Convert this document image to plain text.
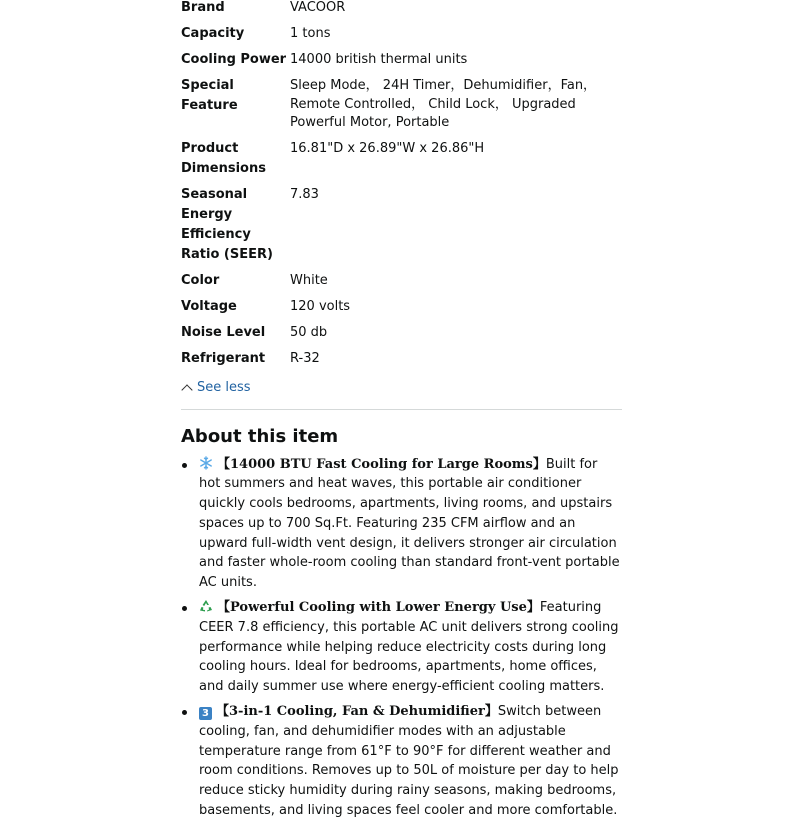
Brand	VACOOR
Capacity	1 tons
Cooling Power	14000 british thermal units
Special Feature	Sleep Mode， 24H Timer，Dehumidifier，Fan，Remote Controlled， Child Lock， Upgraded Powerful Motor, Portable
Product Dimensions	16.81"D x 26.89"W x 26.86"H
Seasonal Energy Efficiency Ratio (SEER)	7.83
Color	White
Voltage	120 volts
Noise Level	50 db
Refrigerant	R-32
See less
About this item
【14000 BTU Fast Cooling for Large Rooms】Built for hot summers and heat waves, this portable air conditioner quickly cools bedrooms, apartments, living rooms, and upstairs spaces up to 700 Sq.Ft. Featuring 235 CFM airflow and an upward full-width vent design, it delivers stronger air circulation and faster whole-room cooling than standard front-vent portable AC units.
【Powerful Cooling with Lower Energy Use】Featuring CEER 7.8 efficiency, this portable AC unit delivers strong cooling performance while helping reduce electricity costs during long cooling hours. Ideal for bedrooms, apartments, home offices, and daily summer use where energy-efficient cooling matters.
3 【3-in-1 Cooling, Fan & Dehumidifier】Switch between cooling, fan, and dehumidifier modes with an adjustable temperature range from 61°F to 90°F for different weather and room conditions. Removes up to 50L of moisture per day to help reduce sticky humidity during rainy seasons, making bedrooms, basements, and living spaces feel cooler and more comfortable.
